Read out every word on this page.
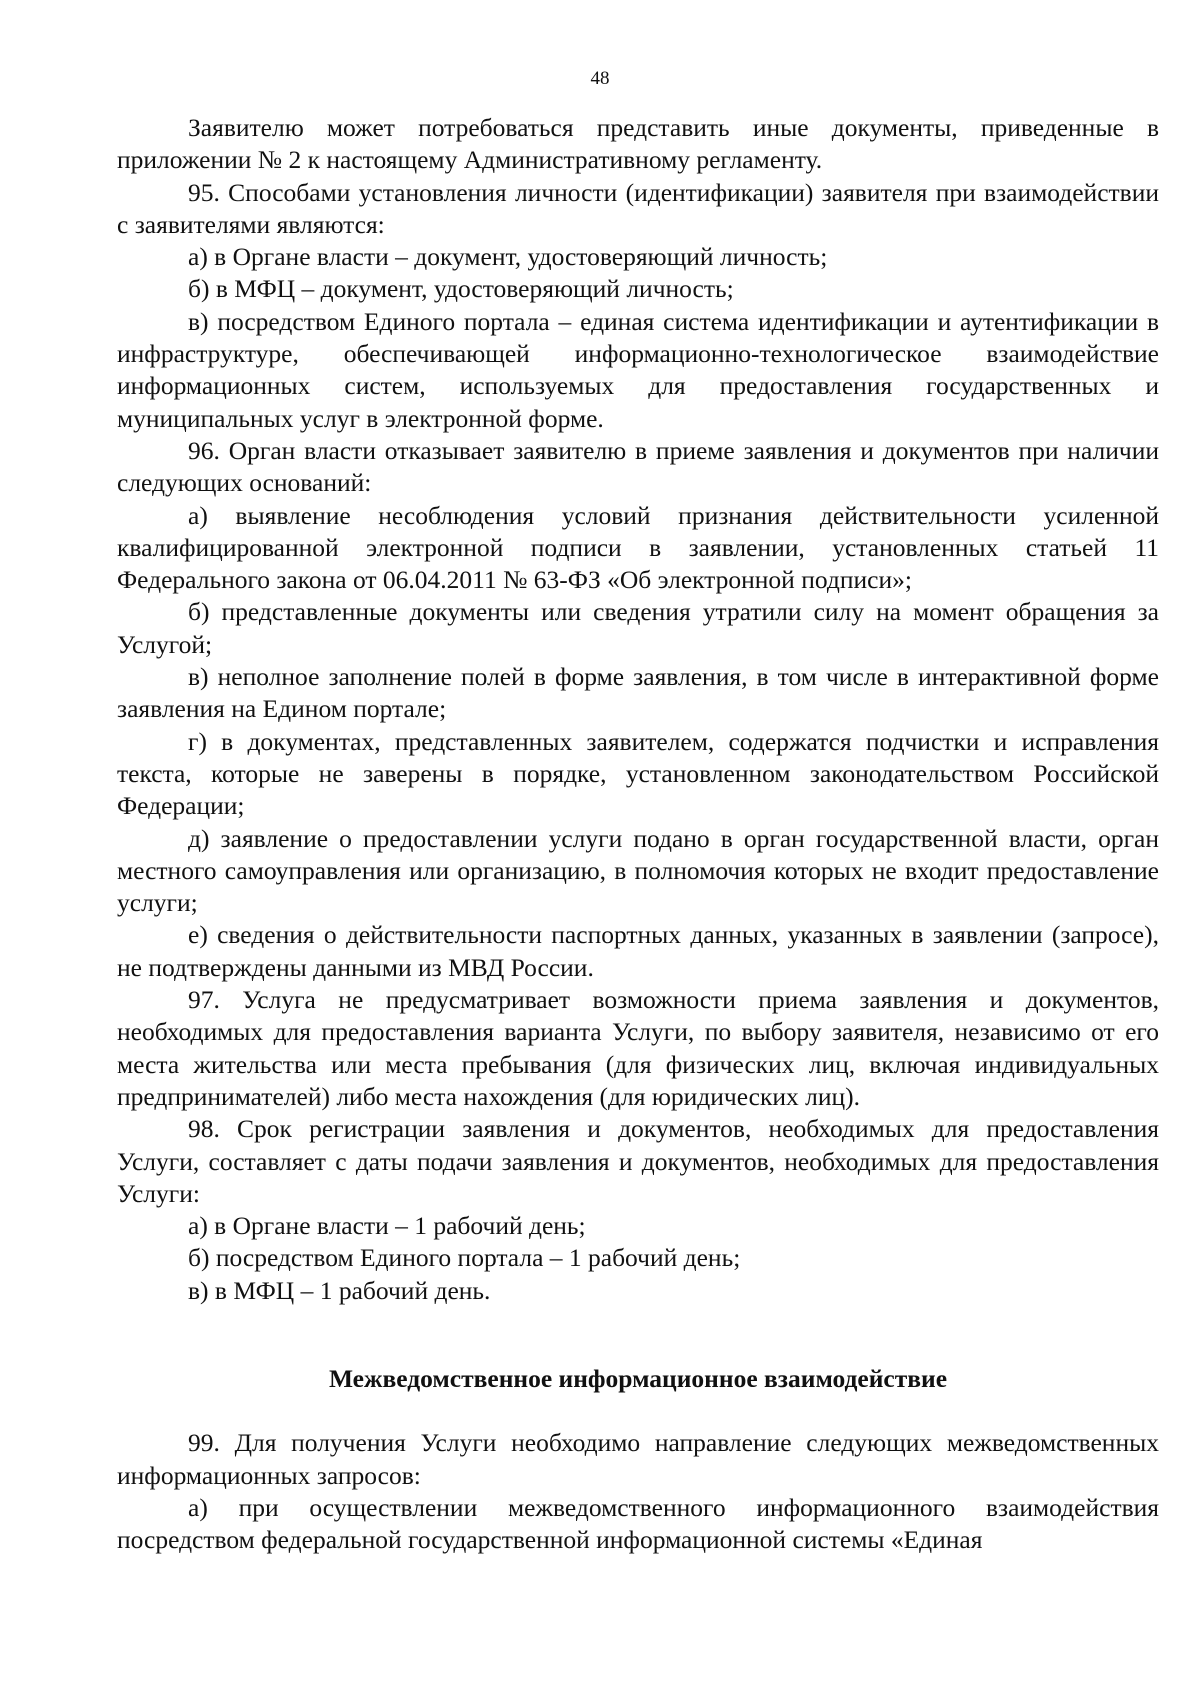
48

Заявителю может потребоваться представить иные документы, приведенные в приложении № 2 к настоящему Административному регламенту.

95. Способами установления личности (идентификации) заявителя при взаимодействии с заявителями являются:

а) в Органе власти – документ, удостоверяющий личность;

б) в МФЦ – документ, удостоверяющий личность;

в) посредством Единого портала – единая система идентификации и аутентификации в инфраструктуре, обеспечивающей информационно-технологическое взаимодействие информационных систем, используемых для предоставления государственных и муниципальных услуг в электронной форме.

96. Орган власти отказывает заявителю в приеме заявления и документов при наличии следующих оснований:

а) выявление несоблюдения условий признания действительности усиленной квалифицированной электронной подписи в заявлении, установленных статьей 11 Федерального закона от 06.04.2011 № 63-ФЗ «Об электронной подписи»;

б) представленные документы или сведения утратили силу на момент обращения за Услугой;

в) неполное заполнение полей в форме заявления, в том числе в интерактивной форме заявления на Едином портале;

г) в документах, представленных заявителем, содержатся подчистки и исправления текста, которые не заверены в порядке, установленном законодательством Российской Федерации;

д) заявление о предоставлении услуги подано в орган государственной власти, орган местного самоуправления или организацию, в полномочия которых не входит предоставление услуги;

е) сведения о действительности паспортных данных, указанных в заявлении (запросе), не подтверждены данными из МВД России.

97. Услуга не предусматривает возможности приема заявления и документов, необходимых для предоставления варианта Услуги, по выбору заявителя, независимо от его места жительства или места пребывания (для физических лиц, включая индивидуальных предпринимателей) либо места нахождения (для юридических лиц).

98. Срок регистрации заявления и документов, необходимых для предоставления Услуги, составляет с даты подачи заявления и документов, необходимых для предоставления Услуги:

а) в Органе власти – 1 рабочий день;

б) посредством Единого портала – 1 рабочий день;

в) в МФЦ – 1 рабочий день.

Межведомственное информационное взаимодействие

99. Для получения Услуги необходимо направление следующих межведомственных информационных запросов:

а) при осуществлении межведомственного информационного взаимодействия посредством федеральной государственной информационной системы «Единая
